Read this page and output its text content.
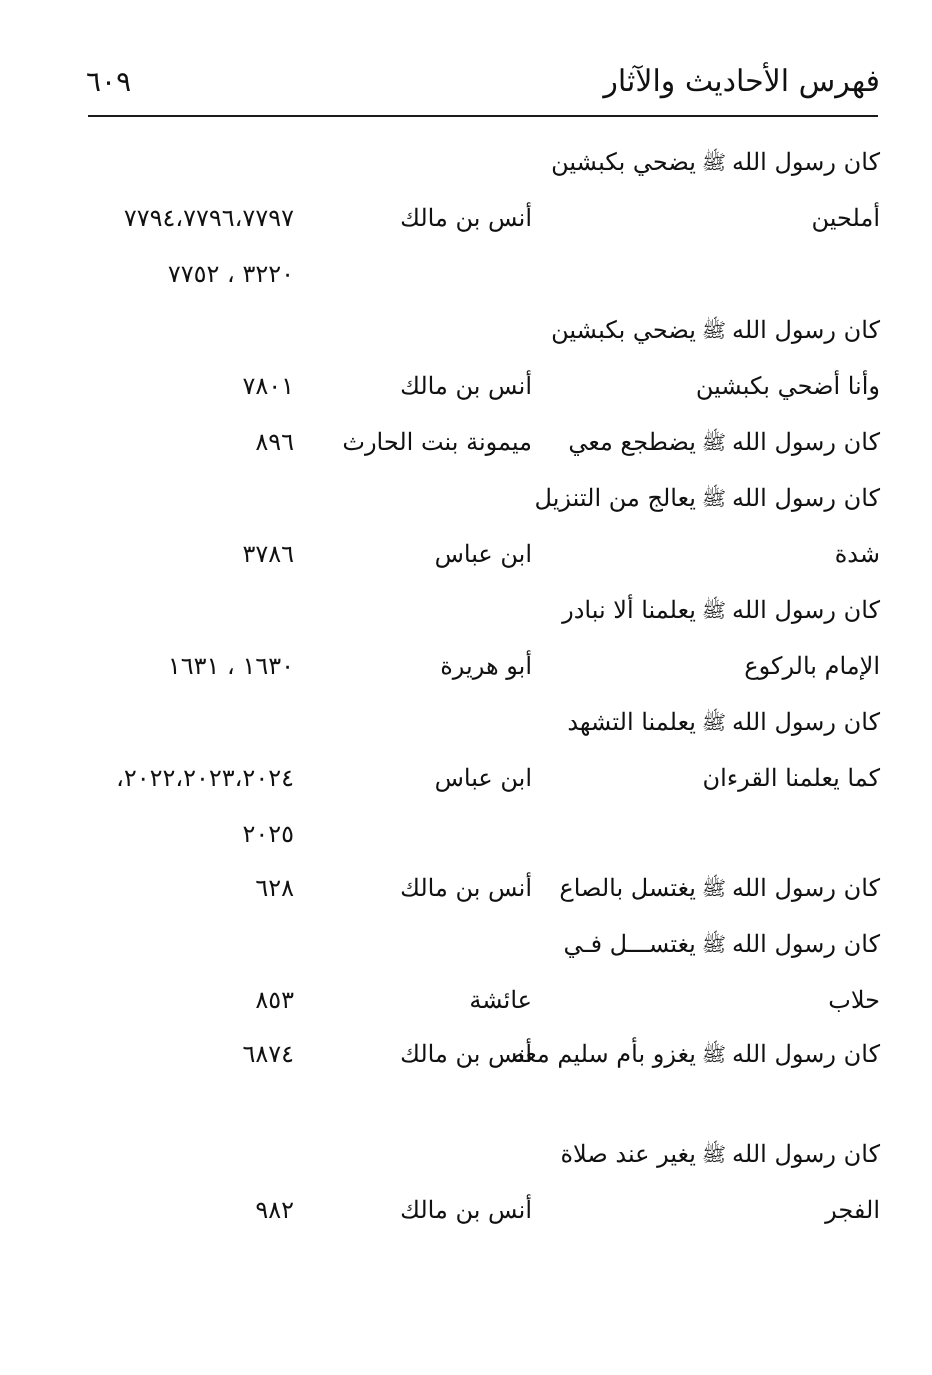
فهرس الأحاديث والآثار
٦٠٩
كان رسول اللهﷺيضحي بكبشين
أملحين
أنس بن مالك
٧٧٩٤،٧٧٩٦،٧٧٩٧
٣٢٢٠ ، ٧٧٥٢
كان رسول اللهﷺيضحي بكبشين
وأنا أضحي بكبشين
أنس بن مالك
٧٨٠١
كان رسول اللهﷺيضطجع معي
ميمونة بنت الحارث
٨٩٦
كان رسول اللهﷺيعالج من التنزيل
شدة
ابن عباس
٣٧٨٦
كان رسول اللهﷺيعلمنا ألا نبادر
الإمام بالركوع
أبو هريرة
١٦٣٠ ، ١٦٣١
كان رسول اللهﷺيعلمنا التشهد
كما يعلمنا القرءان
ابن عباس
٢٠٢٢،٢٠٢٣،٢٠٢٤،
٢٠٢٥
كان رسول اللهﷺيغتسل بالصاع
أنس بن مالك
٦٢٨
كان رسول اللهﷺيغتســـل فـي
حلاب
عائشة
٨٥٣
كان رسول اللهﷺيغزو بأم سليم معه
أنس بن مالك
٦٨٧٤
كان رسول اللهﷺيغير عند صلاة
الفجر
أنس بن مالك
٩٨٢
